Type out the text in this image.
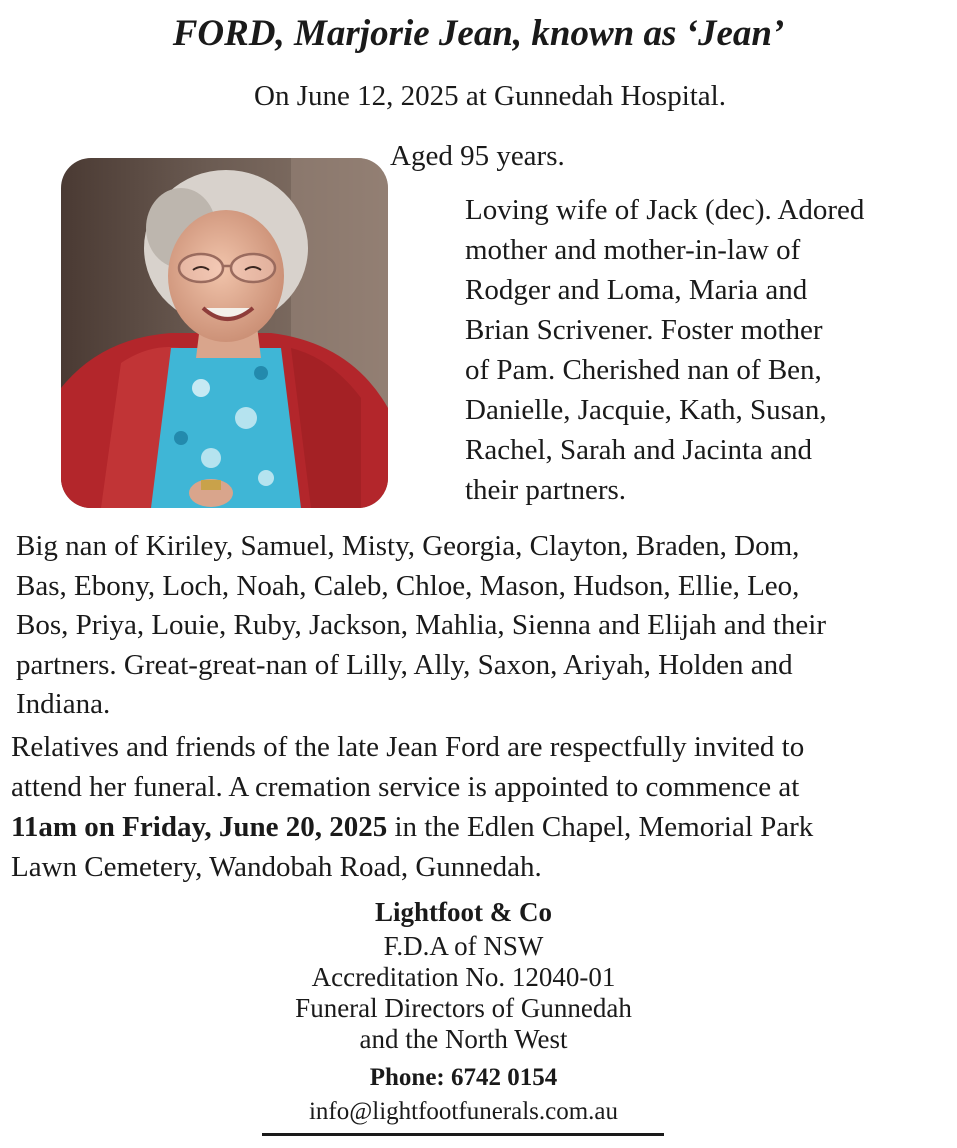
FORD, Marjorie Jean, known as ‘Jean’

On June 12, 2025 at Gunnedah Hospital.

Aged 95 years.

Loving wife of Jack (dec). Adored
mother and mother-in-law of
Rodger and Loma, Maria and
Brian Scrivener. Foster mother
of Pam. Cherished nan of Ben,
Danielle, Jacquie, Kath, Susan,
Rachel, Sarah and Jacinta and
their partners.

Big nan of Kiriley, Samuel, Misty, Georgia, Clayton, Braden, Dom,
Bas, Ebony, Loch, Noah, Caleb, Chloe, Mason, Hudson, Ellie, Leo,
Bos, Priya, Louie, Ruby, Jackson, Mahlia, Sienna and Elijah and their
partners. Great-great-nan of Lilly, Ally, Saxon, Ariyah, Holden and
Indiana.

Relatives and friends of the late Jean Ford are respectfully invited to
attend her funeral. A cremation service is appointed to commence at
11am on Friday, June 20, 2025 in the Edlen Chapel, Memorial Park
Lawn Cemetery, Wandobah Road, Gunnedah.

Lightfoot & Co
F.D.A of NSW
Accreditation No. 12040-01
Funeral Directors of Gunnedah
and the North West
Phone: 6742 0154
info@lightfootfunerals.com.au
